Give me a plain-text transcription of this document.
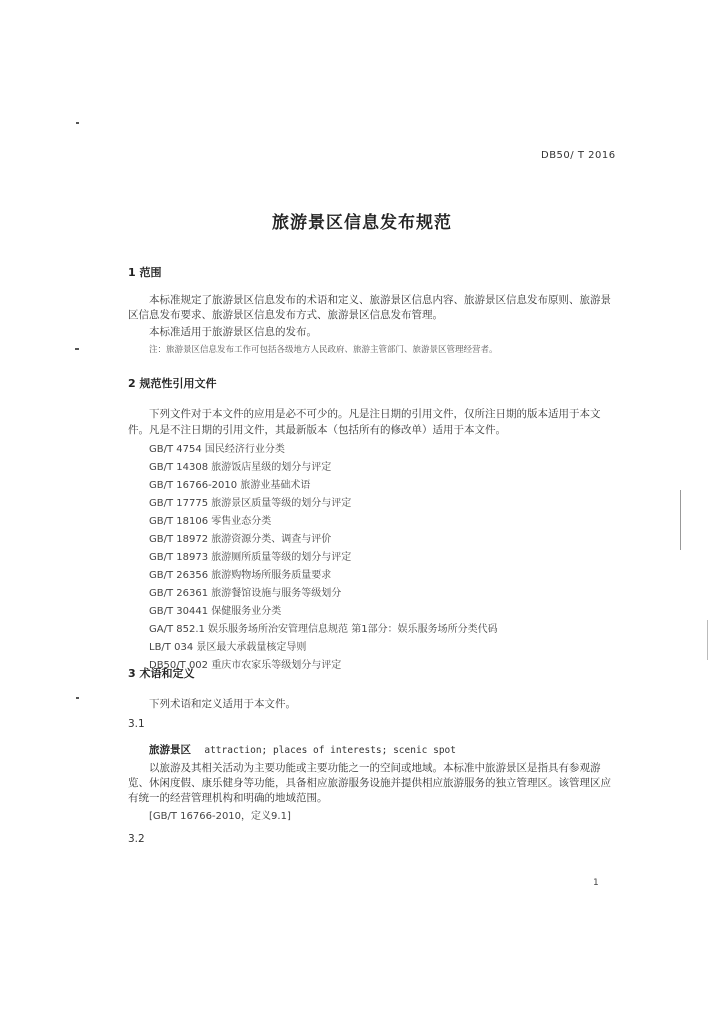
DB50/ T 2016
旅游景区信息发布规范
1 范围
本标准规定了旅游景区信息发布的术语和定义、旅游景区信息内容、旅游景区信息发布原则、旅游景区信息发布要求、旅游景区信息发布方式、旅游景区信息发布管理。
本标准适用于旅游景区信息的发布。
注：旅游景区信息发布工作可包括各级地方人民政府、旅游主管部门、旅游景区管理经营者。
2 规范性引用文件
下列文件对于本文件的应用是必不可少的。凡是注日期的引用文件，仅所注日期的版本适用于本文件。凡是不注日期的引用文件，其最新版本（包括所有的修改单）适用于本文件。
GB/T 4754 国民经济行业分类
GB/T 14308 旅游饭店星级的划分与评定
GB/T 16766-2010 旅游业基础术语
GB/T 17775 旅游景区质量等级的划分与评定
GB/T 18106 零售业态分类
GB/T 18972 旅游资源分类、调查与评价
GB/T 18973 旅游厕所质量等级的划分与评定
GB/T 26356 旅游购物场所服务质量要求
GB/T 26361 旅游餐馆设施与服务等级划分
GB/T 30441 保健服务业分类
GA/T 852.1 娱乐服务场所治安管理信息规范 第1部分：娱乐服务场所分类代码
LB/T 034 景区最大承载量核定导则
DB50/T 002 重庆市农家乐等级划分与评定
3 术语和定义
下列术语和定义适用于本文件。
3.1
旅游景区 attraction; places of interests; scenic spot
以旅游及其相关活动为主要功能或主要功能之一的空间或地域。本标准中旅游景区是指具有参观游览、休闲度假、康乐健身等功能，具备相应旅游服务设施并提供相应旅游服务的独立管理区。该管理区应有统一的经营管理机构和明确的地域范围。
[GB/T 16766-2010，定义9.1]
3.2
1
